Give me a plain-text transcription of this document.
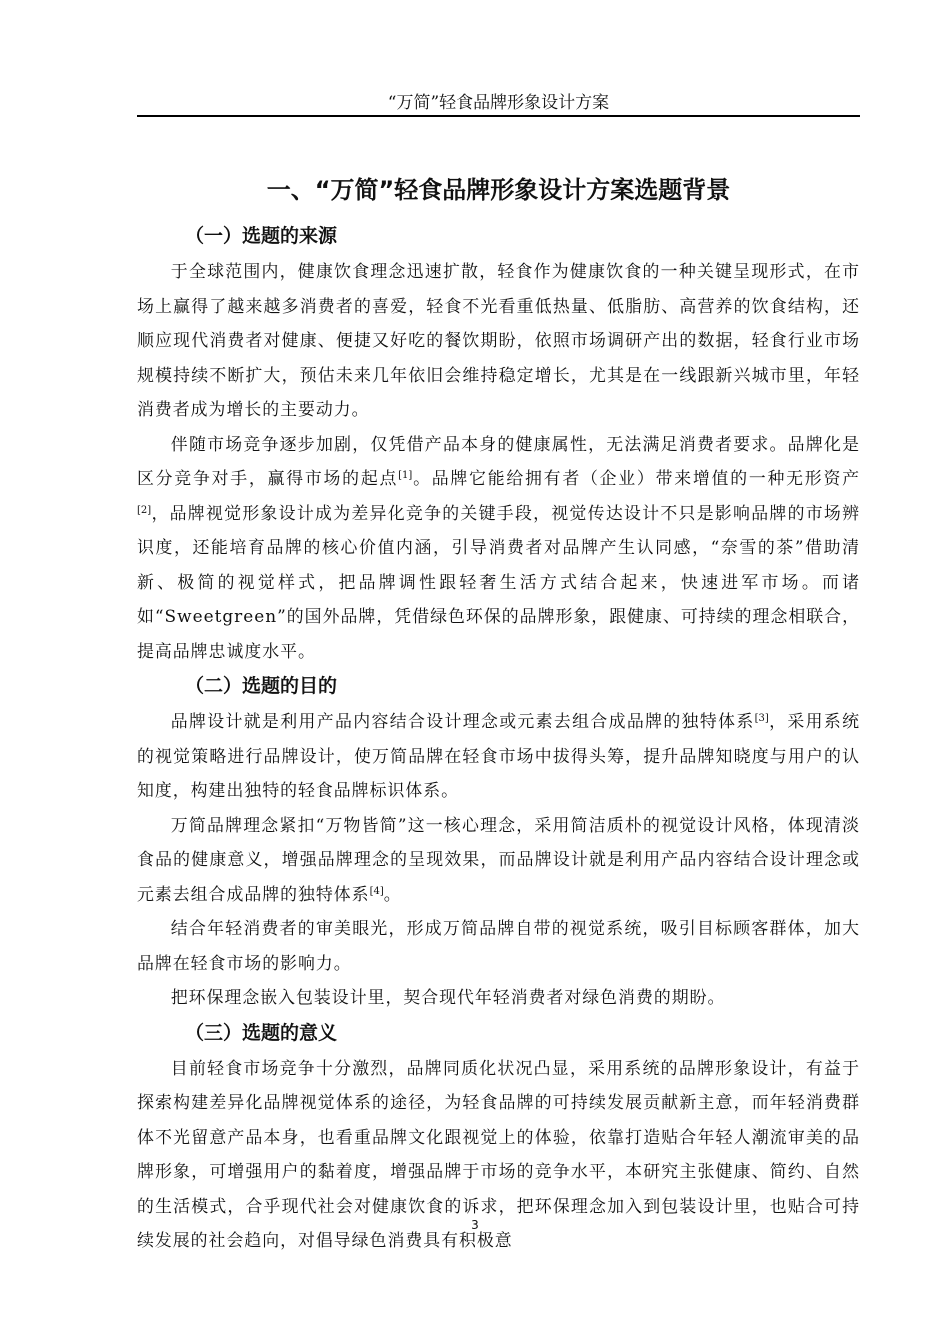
“万简”轻食品牌形象设计方案
一、“万简”轻食品牌形象设计方案选题背景
（一）选题的来源

于全球范围内，健康饮食理念迅速扩散，轻食作为健康饮食的一种关键呈现形式，在市场上赢得了越来越多消费者的喜爱，轻食不光看重低热量、低脂肪、高营养的饮食结构，还顺应现代消费者对健康、便捷又好吃的餐饮期盼，依照市场调研产出的数据，轻食行业市场规模持续不断扩大，预估未来几年依旧会维持稳定增长，尤其是在一线跟新兴城市里，年轻消费者成为增长的主要动力。

伴随市场竞争逐步加剧，仅凭借产品本身的健康属性，无法满足消费者要求。品牌化是区分竞争对手，赢得市场的起点[1]。品牌它能给拥有者（企业）带来增值的一种无形资产[2]，品牌视觉形象设计成为差异化竞争的关键手段，视觉传达设计不只是影响品牌的市场辨识度，还能培育品牌的核心价值内涵，引导消费者对品牌产生认同感，“奈雪的茶”借助清新、极简的视觉样式，把品牌调性跟轻奢生活方式结合起来，快速进军市场。而诸如“Sweetgreen”的国外品牌，凭借绿色环保的品牌形象，跟健康、可持续的理念相联合，提高品牌忠诚度水平。

（二）选题的目的

品牌设计就是利用产品内容结合设计理念或元素去组合成品牌的独特体系[3]，采用系统的视觉策略进行品牌设计，使万简品牌在轻食市场中拔得头筹，提升品牌知晓度与用户的认知度，构建出独特的轻食品牌标识体系。

万简品牌理念紧扣“万物皆简”这一核心理念，采用简洁质朴的视觉设计风格，体现清淡食品的健康意义，增强品牌理念的呈现效果，而品牌设计就是利用产品内容结合设计理念或元素去组合成品牌的独特体系[4]。

结合年轻消费者的审美眼光，形成万简品牌自带的视觉系统，吸引目标顾客群体，加大品牌在轻食市场的影响力。

把环保理念嵌入包装设计里，契合现代年轻消费者对绿色消费的期盼。

（三）选题的意义

目前轻食市场竞争十分激烈，品牌同质化状况凸显，采用系统的品牌形象设计，有益于探索构建差异化品牌视觉体系的途径，为轻食品牌的可持续发展贡献新主意，而年轻消费群体不光留意产品本身，也看重品牌文化跟视觉上的体验，依靠打造贴合年轻人潮流审美的品牌形象，可增强用户的黏着度，增强品牌于市场的竞争水平，本研究主张健康、简约、自然的生活模式，合乎现代社会对健康饮食的诉求，把环保理念加入到包装设计里，也贴合可持续发展的社会趋向，对倡导绿色消费具有积极意

3
